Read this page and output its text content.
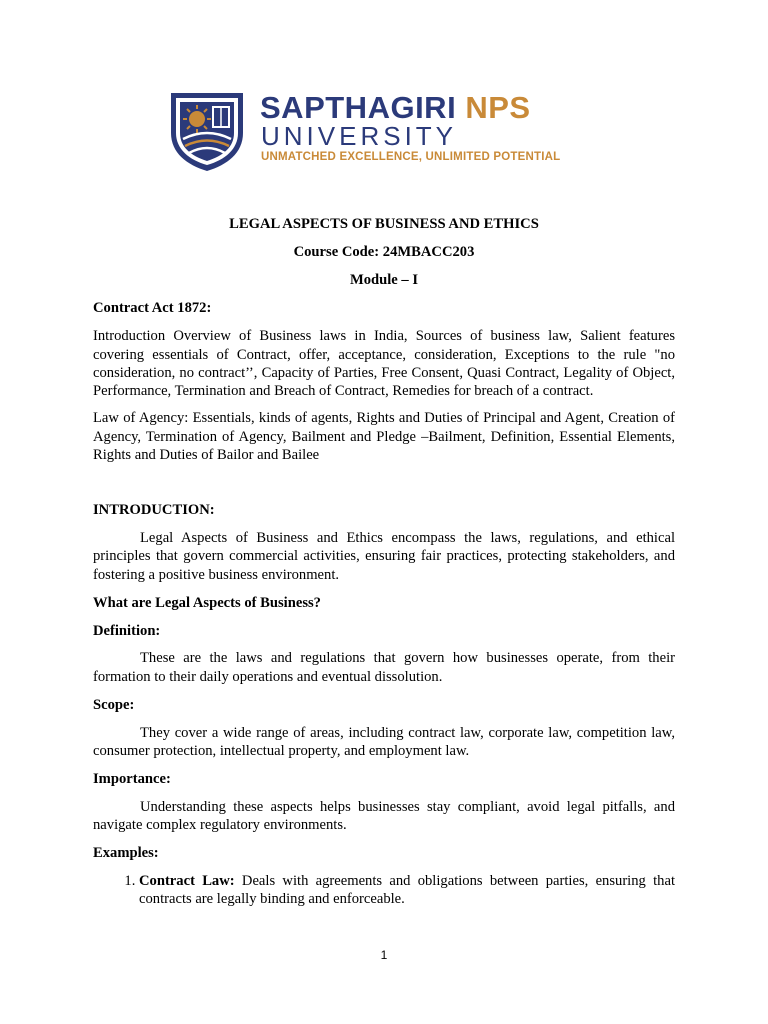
SAPTHAGIRI NPS
UNIVERSITY
UNMATCHED EXCELLENCE, UNLIMITED POTENTIAL

LEGAL ASPECTS OF BUSINESS AND ETHICS

Course Code: 24MBACC203

Module – I

Contract Act 1872:

Introduction Overview of Business laws in India, Sources of business law, Salient features covering essentials of Contract, offer, acceptance, consideration, Exceptions to the rule "no consideration, no contract’’, Capacity of Parties, Free Consent, Quasi Contract, Legality of Object, Performance, Termination and Breach of Contract, Remedies for breach of a contract.

Law of Agency: Essentials, kinds of agents, Rights and Duties of Principal and Agent, Creation of Agency, Termination of Agency, Bailment and Pledge –Bailment, Definition, Essential Elements, Rights and Duties of Bailor and Bailee

INTRODUCTION:

Legal Aspects of Business and Ethics encompass the laws, regulations, and ethical principles that govern commercial activities, ensuring fair practices, protecting stakeholders, and fostering a positive business environment.

What are Legal Aspects of Business?

Definition:

These are the laws and regulations that govern how businesses operate, from their formation to their daily operations and eventual dissolution.

Scope:

They cover a wide range of areas, including contract law, corporate law, competition law, consumer protection, intellectual property, and employment law.

Importance:

Understanding these aspects helps businesses stay compliant, avoid legal pitfalls, and navigate complex regulatory environments.

Examples:

1. Contract Law: Deals with agreements and obligations between parties, ensuring that contracts are legally binding and enforceable.
1
